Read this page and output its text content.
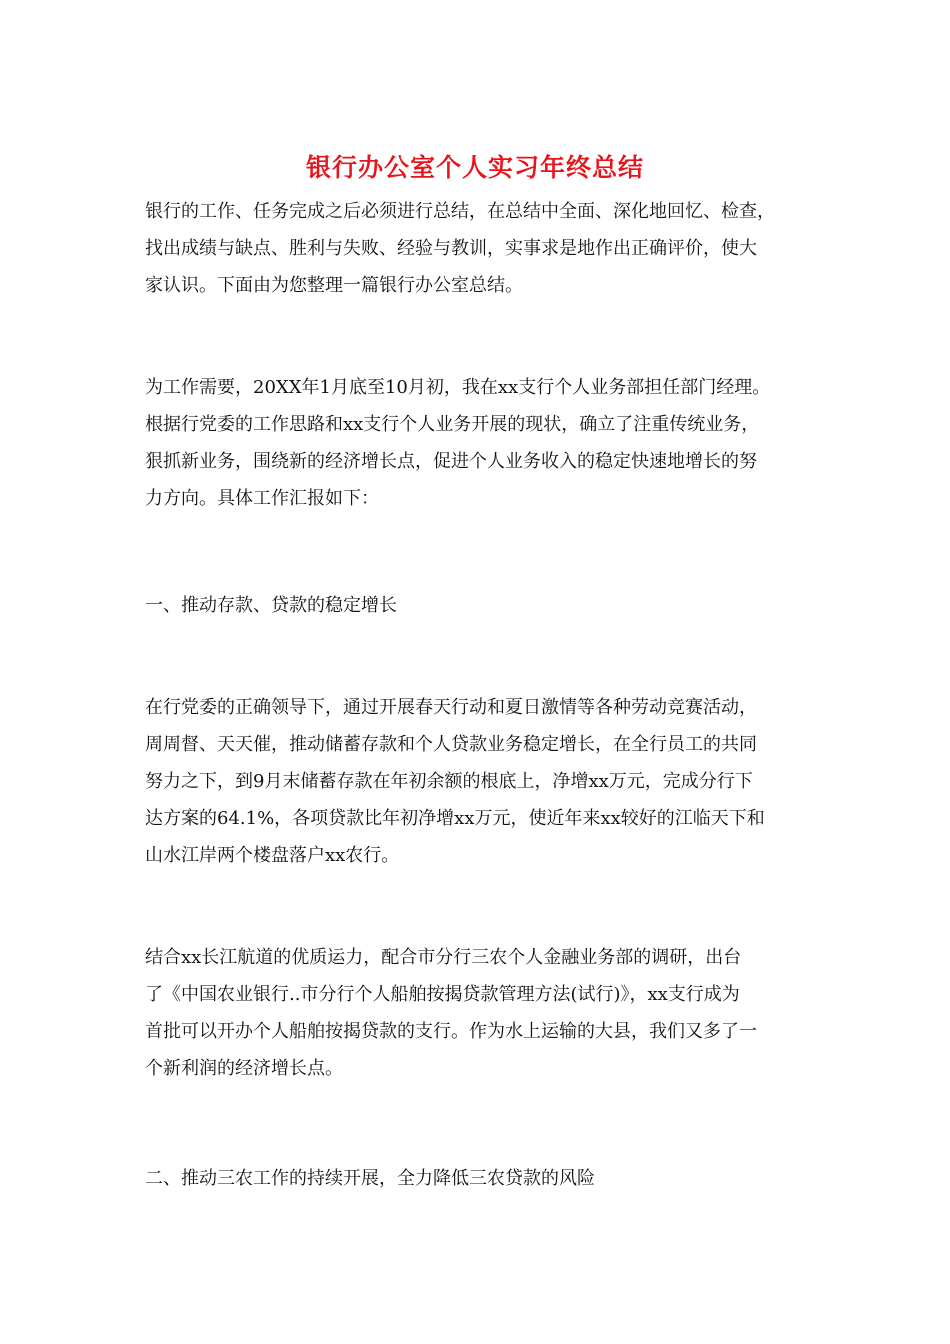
银行办公室个人实习年终总结

银行的工作、任务完成之后必须进行总结，在总结中全面、深化地回忆、检查，
找出成绩与缺点、胜利与失败、经验与教训，实事求是地作出正确评价，使大
家认识。下面由为您整理一篇银行办公室总结。

为工作需要，20XX年1月底至10月初，我在xx支行个人业务部担任部门经理。
根据行党委的工作思路和xx支行个人业务开展的现状，确立了注重传统业务，
狠抓新业务，围绕新的经济增长点，促进个人业务收入的稳定快速地增长的努
力方向。具体工作汇报如下：

一、推动存款、贷款的稳定增长

在行党委的正确领导下，通过开展春天行动和夏日激情等各种劳动竞赛活动，
周周督、天天催，推动储蓄存款和个人贷款业务稳定增长，在全行员工的共同
努力之下，到9月末储蓄存款在年初余额的根底上，净增xx万元，完成分行下
达方案的64.1%，各项贷款比年初净增xx万元，使近年来xx较好的江临天下和
山水江岸两个楼盘落户xx农行。

结合xx长江航道的优质运力，配合市分行三农个人金融业务部的调研，出台
了《中国农业银行..市分行个人船舶按揭贷款管理方法(试行)》，xx支行成为
首批可以开办个人船舶按揭贷款的支行。作为水上运输的大县，我们又多了一
个新利润的经济增长点。

二、推动三农工作的持续开展，全力降低三农贷款的风险
